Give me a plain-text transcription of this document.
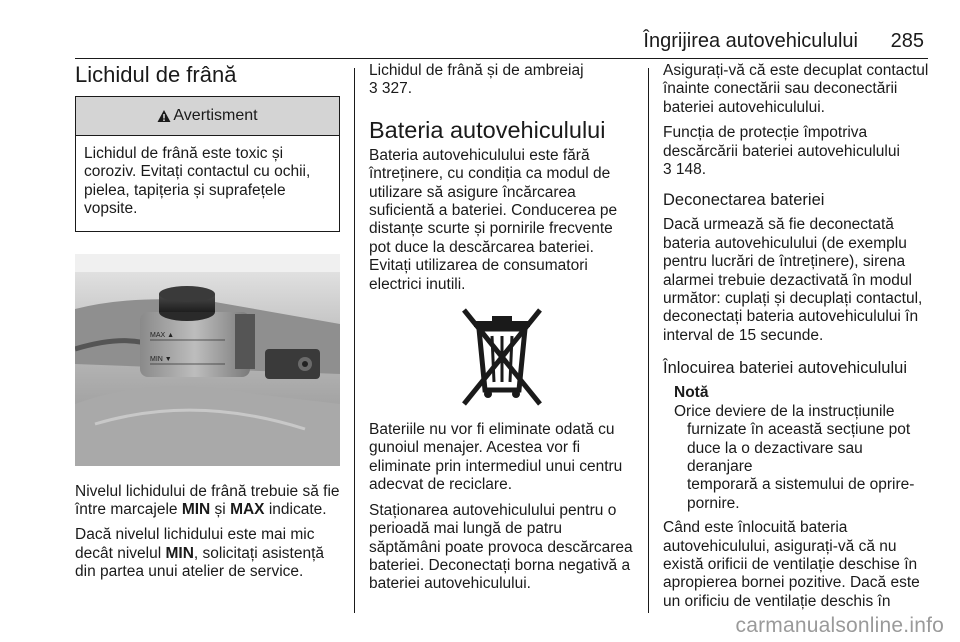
Îngrijirea autovehiculului 285
Lichidul de frână
Avertisment
Lichidul de frână este toxic și coroziv. Evitați contactul cu ochii, pielea, tapițeria și suprafețele vopsite.
MAX ▲
MIN ▼

Nivelul lichidului de frână trebuie să fie între marcajele MIN și MAX indicate.

Dacă nivelul lichidului este mai mic decât nivelul MIN, solicitați asistență din partea unui atelier de service.

Lichidul de frână și de ambreiaj
3 327.

Bateria autovehiculului

Bateria autovehiculului este fără întreținere, cu condiția ca modul de utilizare să asigure încărcarea suficientă a bateriei. Conducerea pe distanțe scurte și pornirile frecvente pot duce la descărcarea bateriei. Evitați utilizarea de consumatori electrici inutili.

Bateriile nu vor fi eliminate odată cu gunoiul menajer. Acestea vor fi eliminate prin intermediul unui centru adecvat de reciclare.

Staționarea autovehiculului pentru o perioadă mai lungă de patru săptămâni poate provoca descărcarea bateriei. Deconectați borna negativă a bateriei autovehiculului.

Asigurați-vă că este decuplat contactul înainte conectării sau deconectării bateriei autovehiculului.

Funcția de protecție împotriva descărcării bateriei autovehiculului
3 148.

Deconectarea bateriei

Dacă urmează să fie deconectată bateria autovehiculului (de exemplu pentru lucrări de întreținere), sirena alarmei trebuie dezactivată în modul următor: cuplați și decuplați contactul, deconectați bateria autovehiculului în interval de 15 secunde.

Înlocuirea bateriei autovehiculului
Notă
Orice deviere de la instrucțiunile
furnizate în această secțiune pot
duce la o dezactivare sau deranjare
temporară a sistemului de oprire-
pornire.

Când este înlocuită bateria autovehiculului, asigurați-vă că nu există orificii de ventilație deschise în apropierea bornei pozitive. Dacă este un orificiu de ventilație deschis în

carmanualsonline.info
